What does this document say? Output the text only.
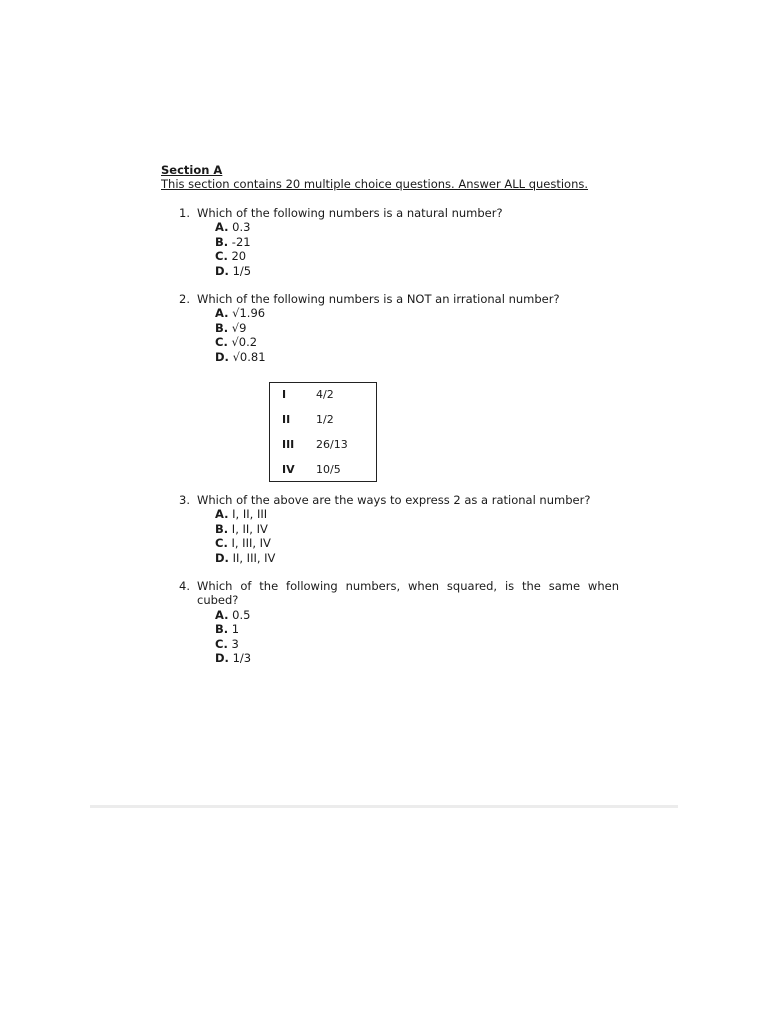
Section A
This section contains 20 multiple choice questions. Answer ALL questions.
1. Which of the following numbers is a natural number?
A. 0.3
B. -21
C. 20
D. 1/5
2. Which of the following numbers is a NOT an irrational number?
A. √1.96
B. √9
C. √0.2
D. √0.81
I	4/2
II	1/2
III	26/13
IV	10/5
3. Which of the above are the ways to express 2 as a rational number?
A. I, II, III
B. I, II, IV
C. I, III, IV
D. II, III, IV
4. Which of the following numbers, when squared, is the same when cubed?
A. 0.5
B. 1
C. 3
D. 1/3
